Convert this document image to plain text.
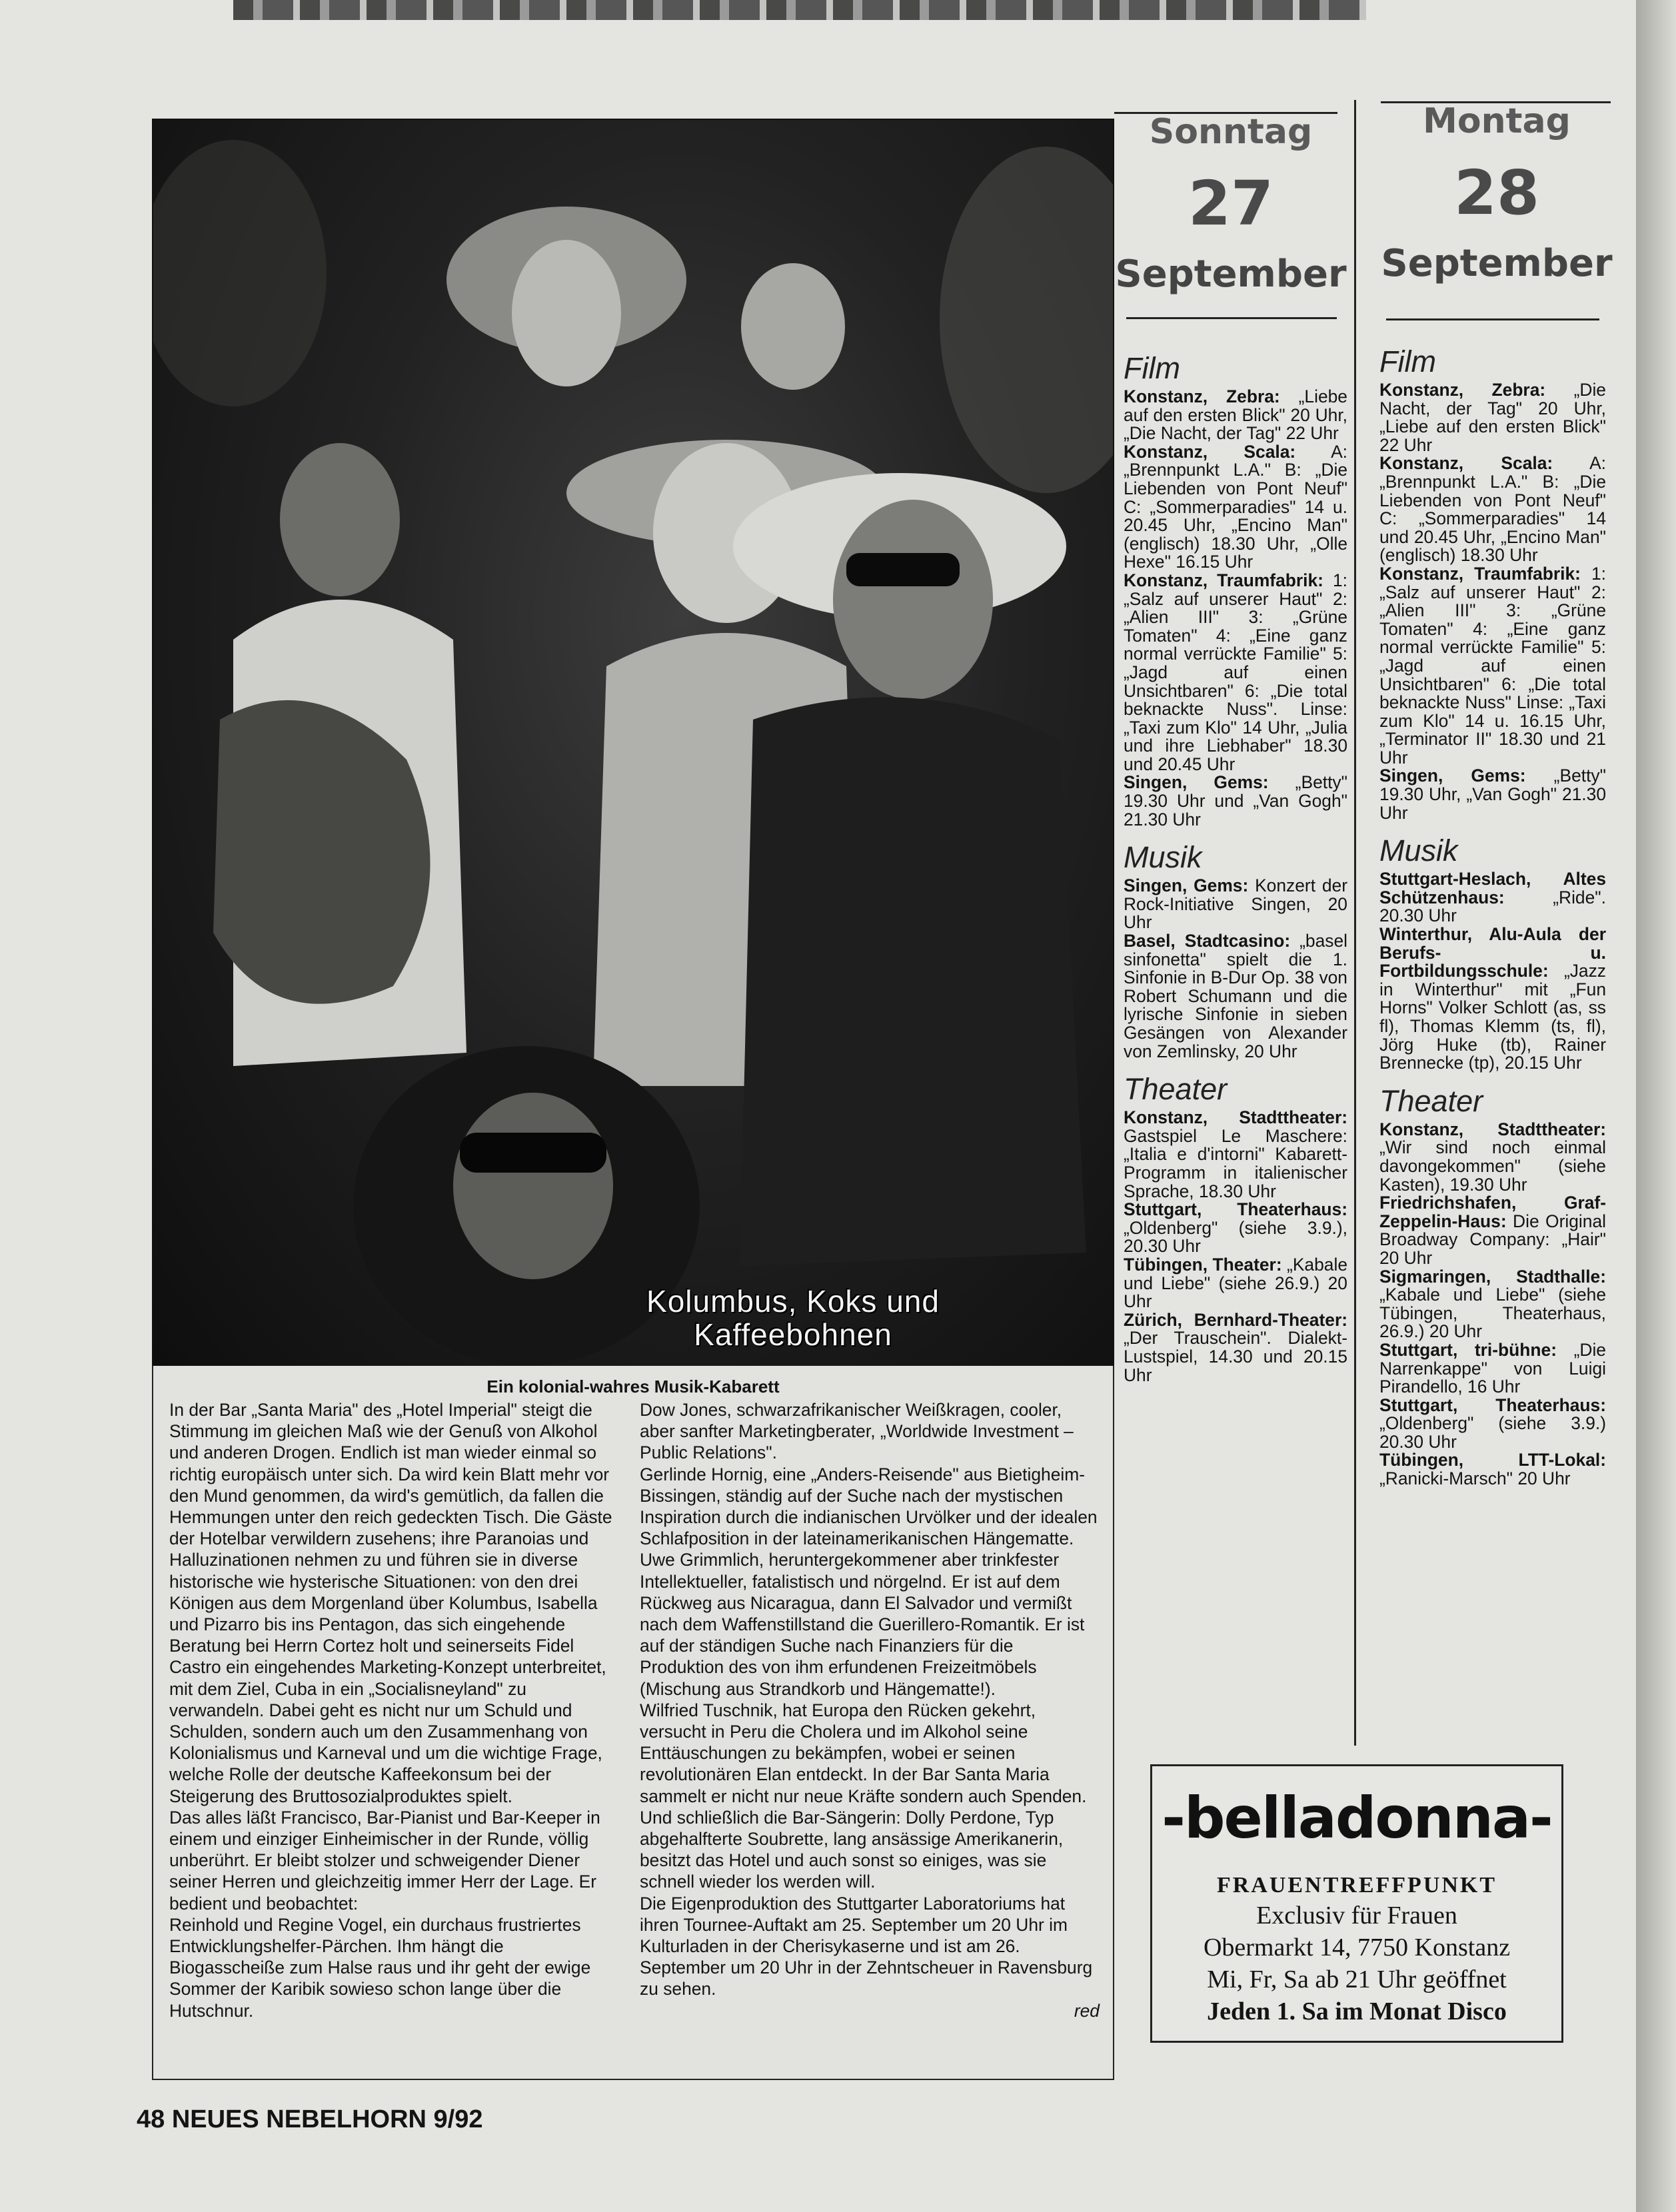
Kolumbus, Koks und
Kaffeebohnen
Ein kolonial-wahres Musik-Kabarett

In der Bar „Santa Maria" des „Hotel Imperial" steigt die Stimmung im gleichen Maß wie der Genuß von Alkohol und anderen Drogen. Endlich ist man wieder einmal so richtig europäisch unter sich. Da wird kein Blatt mehr vor den Mund genommen, da wird's gemütlich, da fallen die Hemmungen unter den reich gedeckten Tisch. Die Gäste der Hotelbar verwildern zusehens; ihre Paranoias und Halluzinationen nehmen zu und führen sie in diverse historische wie hysterische Situationen: von den drei Königen aus dem Morgenland über Kolumbus, Isabella und Pizarro bis ins Pentagon, das sich eingehende Beratung bei Herrn Cortez holt und seinerseits Fidel Castro ein eingehendes Marketing-Konzept unterbreitet, mit dem Ziel, Cuba in ein „Socialisneyland" zu verwandeln. Dabei geht es nicht nur um Schuld und Schulden, sondern auch um den Zusammenhang von Kolonialismus und Karneval und um die wichtige Frage, welche Rolle der deutsche Kaffeekonsum bei der Steigerung des Bruttosozialproduktes spielt.

Das alles läßt Francisco, Bar-Pianist und Bar-Keeper in einem und einziger Einheimischer in der Runde, völlig unberührt. Er bleibt stolzer und schweigender Diener seiner Herren und gleichzeitig immer Herr der Lage. Er bedient und beobachtet:

Reinhold und Regine Vogel, ein durchaus frustriertes Entwicklungshelfer-Pärchen. Ihm hängt die Biogasscheiße zum Halse raus und ihr geht der ewige Sommer der Karibik sowieso schon lange über die Hutschnur.

Dow Jones, schwarzafrikanischer Weißkragen, cooler, aber sanfter Marketingberater, „Worldwide Investment – Public Relations".

Gerlinde Hornig, eine „Anders-Reisende" aus Bietigheim-Bissingen, ständig auf der Suche nach der mystischen Inspiration durch die indianischen Urvölker und der idealen Schlafposition in der lateinamerikanischen Hängematte.

Uwe Grimmlich, heruntergekommener aber trinkfester Intellektueller, fatalistisch und nörgelnd. Er ist auf dem Rückweg aus Nicaragua, dann El Salvador und vermißt nach dem Waffenstillstand die Guerillero-Romantik. Er ist auf der ständigen Suche nach Finanziers für die Produktion des von ihm erfundenen Freizeitmöbels (Mischung aus Strandkorb und Hängematte!).

Wilfried Tuschnik, hat Europa den Rücken gekehrt, versucht in Peru die Cholera und im Alkohol seine Enttäuschungen zu bekämpfen, wobei er seinen revolutionären Elan entdeckt. In der Bar Santa Maria sammelt er nicht nur neue Kräfte sondern auch Spenden.

Und schließlich die Bar-Sängerin: Dolly Perdone, Typ abgehalfterte Soubrette, lang ansässige Amerikanerin, besitzt das Hotel und auch sonst so einiges, was sie schnell wieder los werden will.

Die Eigenproduktion des Stuttgarter Laboratoriums hat ihren Tournee-Auftakt am 25. September um 20 Uhr im Kulturladen in der Cherisykaserne und ist am 26. September um 20 Uhr in der Zehntscheuer in Ravensburg zu sehen.

red

Sonntag
27
September
Montag
28
September
Film

Konstanz, Zebra: „Liebe auf den ersten Blick" 20 Uhr, „Die Nacht, der Tag" 22 Uhr

Konstanz, Scala: A: „Brennpunkt L.A." B: „Die Liebenden von Pont Neuf" C: „Sommerparadies" 14 u. 20.45 Uhr, „Encino Man" (englisch) 18.30 Uhr, „Olle Hexe" 16.15 Uhr

Konstanz, Traumfabrik: 1: „Salz auf unserer Haut" 2: „Alien III" 3: „Grüne Tomaten" 4: „Eine ganz normal verrückte Familie" 5: „Jagd auf einen Unsichtbaren" 6: „Die total beknackte Nuss". Linse: „Taxi zum Klo" 14 Uhr, „Julia und ihre Liebhaber" 18.30 und 20.45 Uhr

Singen, Gems: „Betty" 19.30 Uhr und „Van Gogh" 21.30 Uhr

Musik

Singen, Gems: Konzert der Rock-Initiative Singen, 20 Uhr

Basel, Stadtcasino: „basel sinfonetta" spielt die 1. Sinfonie in B-Dur Op. 38 von Robert Schumann und die lyrische Sinfonie in sieben Gesängen von Alexander von Zemlinsky, 20 Uhr

Theater

Konstanz, Stadttheater: Gastspiel Le Maschere: „Italia e d'intorni" Kabarett-Programm in italienischer Sprache, 18.30 Uhr

Stuttgart, Theaterhaus: „Oldenberg" (siehe 3.9.), 20.30 Uhr

Tübingen, Theater: „Kabale und Liebe" (siehe 26.9.) 20 Uhr

Zürich, Bernhard-Theater: „Der Trauschein". Dialekt-Lustspiel, 14.30 und 20.15 Uhr

Film

Konstanz, Zebra: „Die Nacht, der Tag" 20 Uhr, „Liebe auf den ersten Blick" 22 Uhr

Konstanz, Scala: A: „Brennpunkt L.A." B: „Die Liebenden von Pont Neuf" C: „Sommerparadies" 14 und 20.45 Uhr, „Encino Man" (englisch) 18.30 Uhr

Konstanz, Traumfabrik: 1: „Salz auf unserer Haut" 2: „Alien III" 3: „Grüne Tomaten" 4: „Eine ganz normal verrückte Familie" 5: „Jagd auf einen Unsichtbaren" 6: „Die total beknackte Nuss" Linse: „Taxi zum Klo" 14 u. 16.15 Uhr, „Terminator II" 18.30 und 21 Uhr

Singen, Gems: „Betty" 19.30 Uhr, „Van Gogh" 21.30 Uhr

Musik

Stuttgart-Heslach, Altes Schützenhaus: „Ride". 20.30 Uhr

Winterthur, Alu-Aula der Berufs- u. Fortbildungsschule: „Jazz in Winterthur" mit „Fun Horns" Volker Schlott (as, ss fl), Thomas Klemm (ts, fl), Jörg Huke (tb), Rainer Brennecke (tp), 20.15 Uhr

Theater

Konstanz, Stadttheater: „Wir sind noch einmal davongekommen" (siehe Kasten), 19.30 Uhr

Friedrichshafen, Graf-Zeppelin-Haus: Die Original Broadway Company: „Hair" 20 Uhr

Sigmaringen, Stadthalle: „Kabale und Liebe" (siehe Tübingen, Theaterhaus, 26.9.) 20 Uhr

Stuttgart, tri-bühne: „Die Narrenkappe" von Luigi Pirandello, 16 Uhr

Stuttgart, Theaterhaus: „Oldenberg" (siehe 3.9.) 20.30 Uhr

Tübingen, LTT-Lokal: „Ranicki-Marsch" 20 Uhr

-belladonna-
FRAUENTREFFPUNKT
Exclusiv für Frauen
Obermarkt 14, 7750 Konstanz
Mi, Fr, Sa ab 21 Uhr geöffnet
Jeden 1. Sa im Monat Disco
48 NEUES NEBELHORN 9/92
